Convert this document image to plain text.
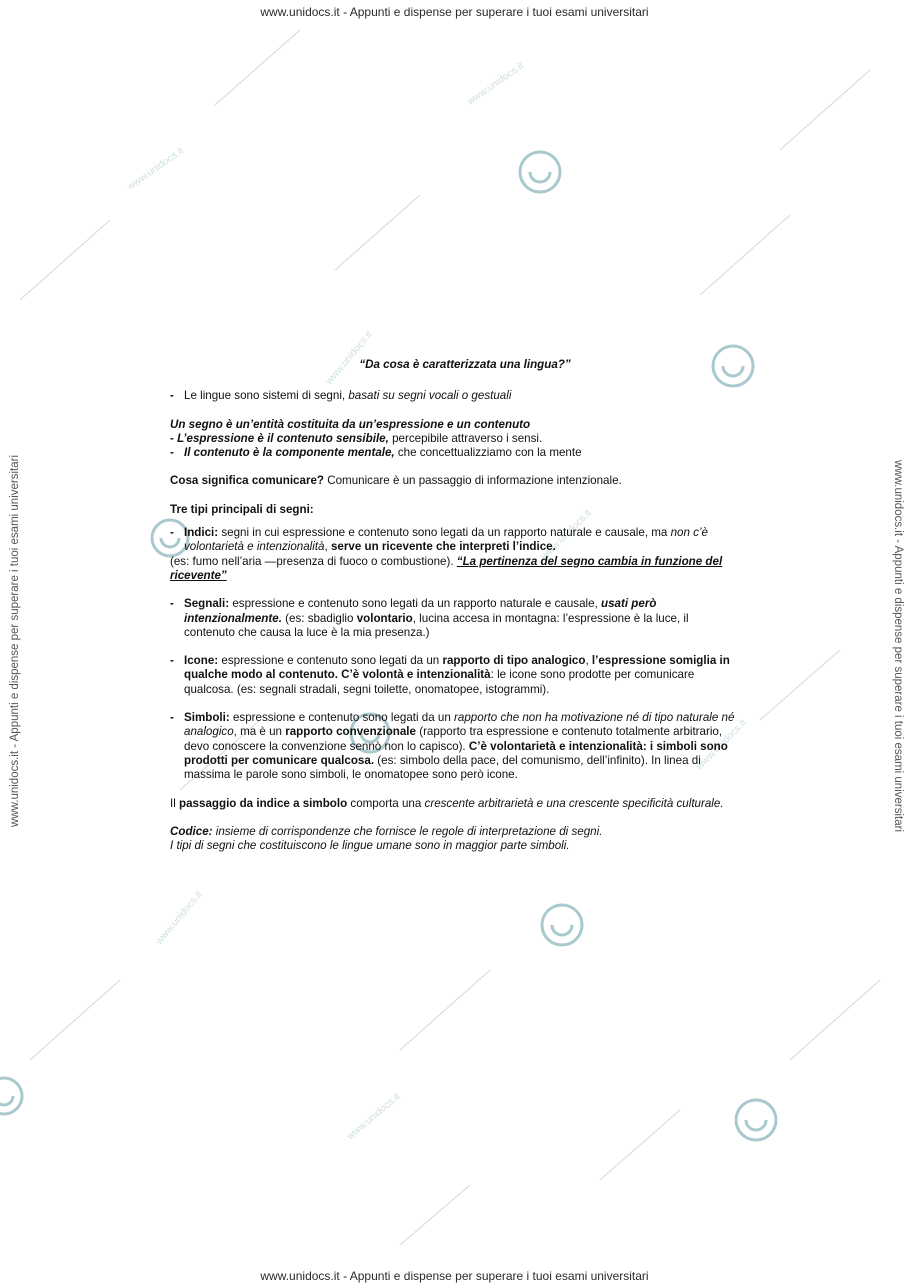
www.unidocs.it
www.unidocs.it
www.unidocs.it
www.unidocs.it
www.unidocs.it
www.unidocs.it
www.unidocs.it
www.unidocs.it - Appunti e dispense per superare i tuoi esami universitari
www.unidocs.it - Appunti e dispense per superare i tuoi esami universitari
www.unidocs.it - Appunti e dispense per superare i tuoi esami universitari	www.unidocs.it - Appunti e dispense per superare i tuoi esami universitari

“Da cosa è caratterizzata una lingua?”

- Le lingue sono sistemi di segni, basati su segni vocali o gestuali

Un segno è un’entità costituita da un’espressione e un contenuto

- L’espressione è il contenuto sensibile, percepibile attraverso i sensi.

- Il contenuto è la componente mentale, che concettualizziamo con la mente

Cosa significa comunicare? Comunicare è un passaggio di informazione intenzionale.

Tre tipi principali di segni:

- Indici: segni in cui espressione e contenuto sono legati da un rapporto naturale e causale, ma non c’è volontarietà e intenzionalità, serve un ricevente che interpreti l’indice.

(es: fumo nell’aria —presenza di fuoco o combustione). “La pertinenza del segno cambia in funzione del ricevente”

- Segnali: espressione e contenuto sono legati da un rapporto naturale e causale, usati però intenzionalmente. (es: sbadiglio volontario, lucina accesa in montagna: l’espressione è la luce, il contenuto che causa la luce è la mia presenza.)
- Icone: espressione e contenuto sono legati da un rapporto di tipo analogico, l’espressione somiglia in qualche modo al contenuto. C’è volontà e intenzionalità: le icone sono prodotte per comunicare qualcosa. (es: segnali stradali, segni toilette, onomatopee, istogrammi).
- Simboli: espressione e contenuto sono legati da un rapporto che non ha motivazione né di tipo naturale né analogico, ma è un rapporto convenzionale (rapporto tra espressione e contenuto totalmente arbitrario, devo conoscere la convenzione sennò non lo capisco). C’è volontarietà e intenzionalità: i simboli sono prodotti per comunicare qualcosa. (es: simbolo della pace, del comunismo, dell’infinito). In linea di massima le parole sono simboli, le onomatopee sono però icone.

Il passaggio da indice a simbolo comporta una crescente arbitrarietà e una crescente specificità culturale.

Codice: insieme di corrispondenze che fornisce le regole di interpretazione di segni.

I tipi di segni che costituiscono le lingue umane sono in maggior parte simboli.
